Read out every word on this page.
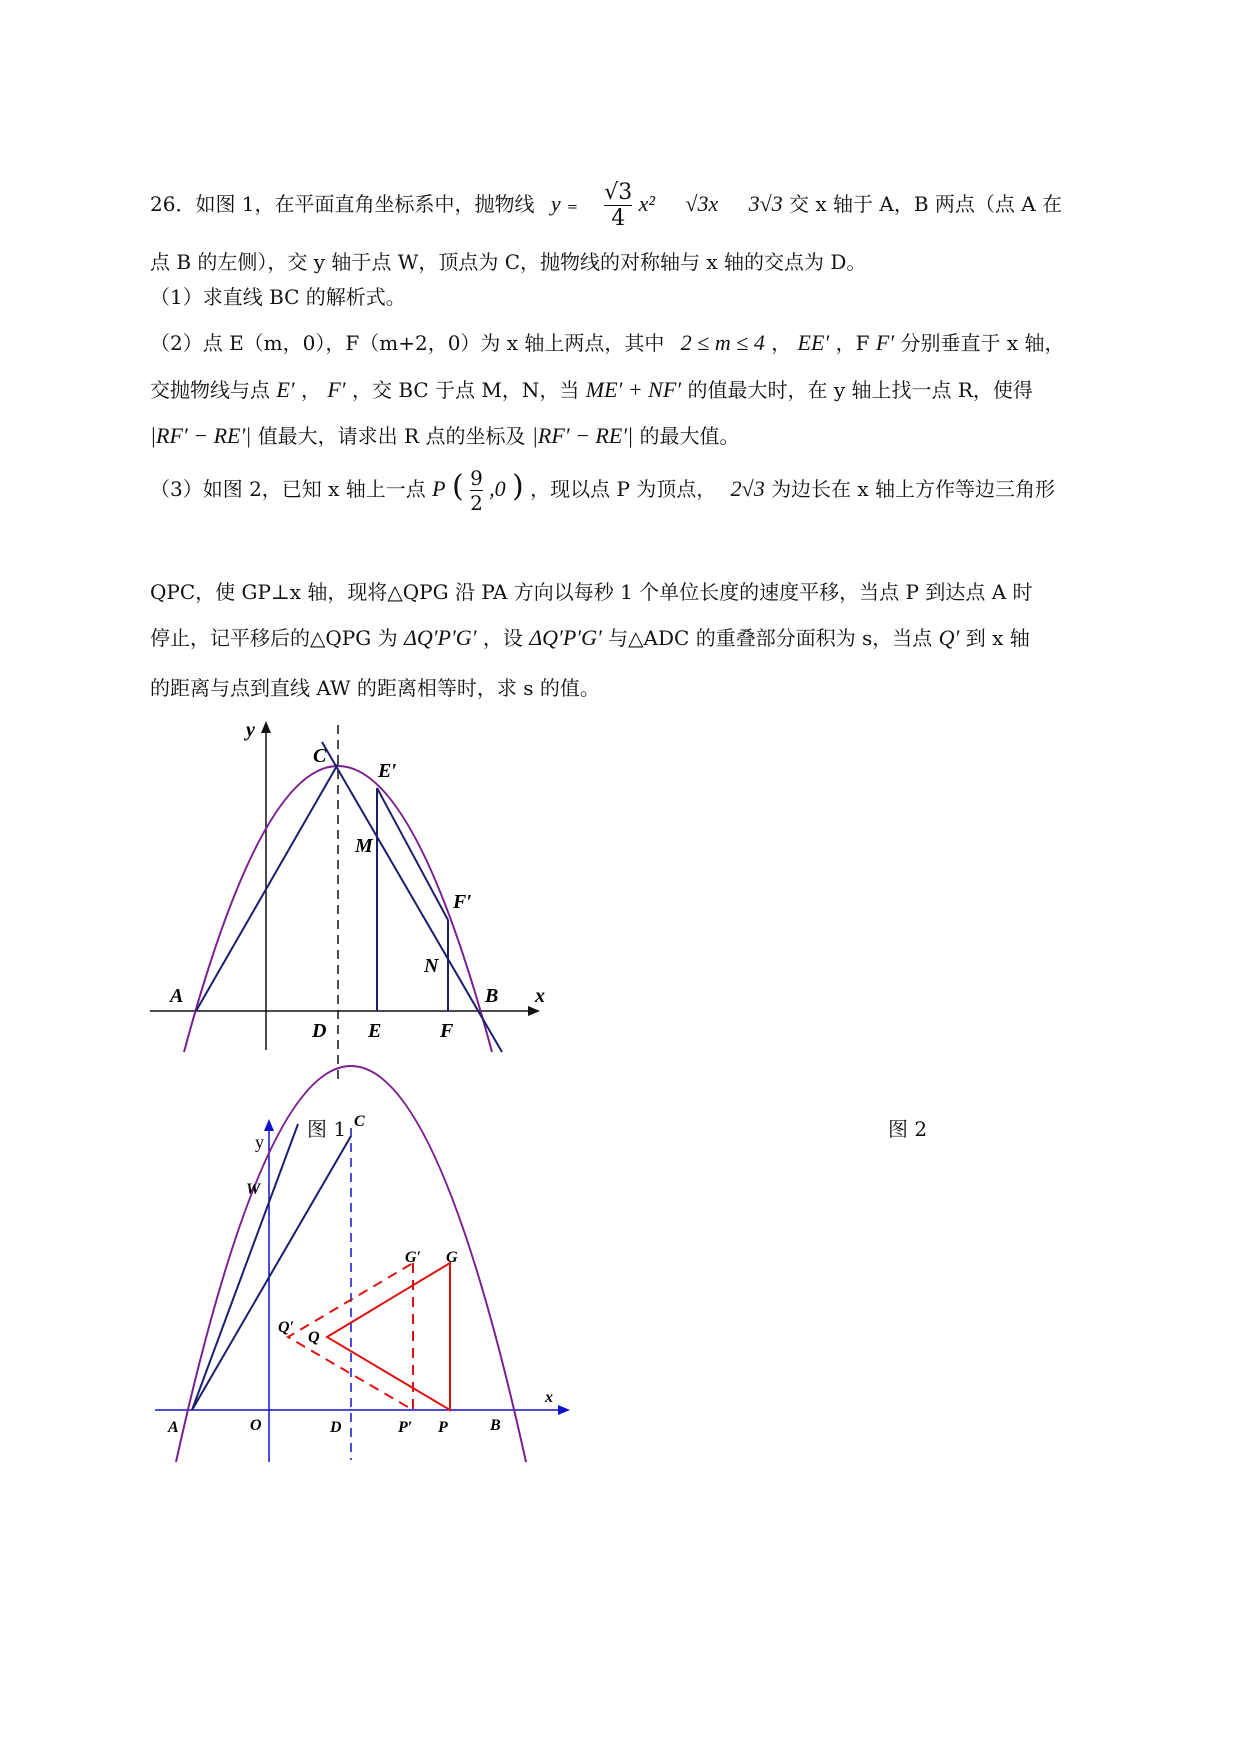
26．如图 1，在平面直角坐标系中，抛物线 $y = \frac{√3}{4} x^2$ √3x 3√3 交 x 轴于 A，B 两点（点 A 在
点 B 的左侧），交 y 轴于点 W，顶点为 C，抛物线的对称轴与 x 轴的交点为 D。
（1）求直线 BC 的解析式。
（2）点 E（m，0），F（m+2，0）为 x 轴上两点，其中 2 ≤ m ≤ 4 ， EE′ ，F F′ 分别垂直于 x 轴，
交抛物线与点 E′ ， F′ ，交 BC 于点 M，N，当 ME′ + NF′ 的值最大时，在 y 轴上找一点 R，使得
|RF′ − RE′| 值最大，请求出 R 点的坐标及 |RF′ − RE′| 的最大值。
（3）如图 2，已知 x 轴上一点 P ( $\frac{9}{2} ,0$ ) ，现以点 P 为顶点， 2√3 为边长在 x 轴上方作等边三角形
QPC，使 GP⊥x 轴，现将△QPG 沿 PA 方向以每秒 1 个单位长度的速度平移，当点 P 到达点 A 时
停止，记平移后的△QPG 为 ΔQ′P′G′ ，设 ΔQ′P′G′ 与△ADC 的重叠部分面积为 s，当点 Q′ 到 x 轴
的距离与点到直线 AW 的距离相等时，求 s 的值。
y
x
C
E′
M
F′
N
A	B
D E	F
y
x
C
W
G′ G
Q′
Q
A	O	D	P′ P	B
图 1	图 2
